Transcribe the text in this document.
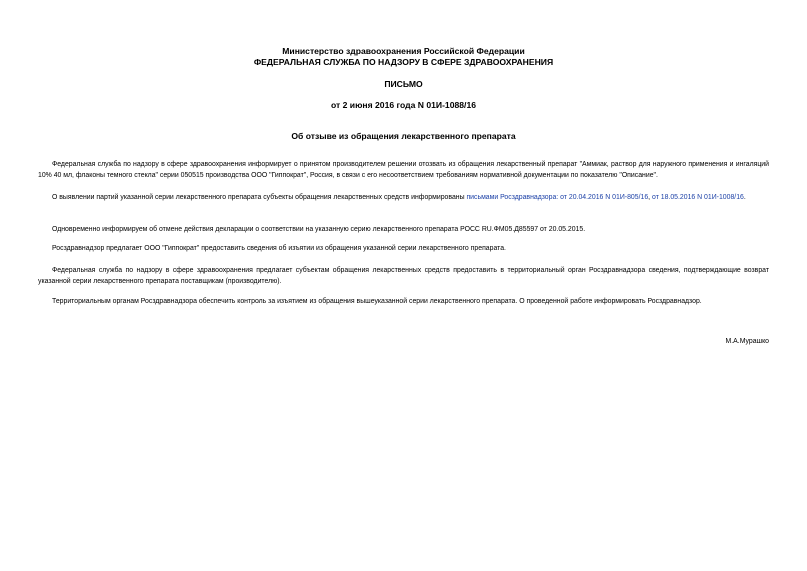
Министерство здравоохранения Российской Федерации
ФЕДЕРАЛЬНАЯ СЛУЖБА ПО НАДЗОРУ В СФЕРЕ ЗДРАВООХРАНЕНИЯ
ПИСЬМО
от 2 июня 2016 года N 01И-1088/16
Об отзыве из обращения лекарственного препарата
Федеральная служба по надзору в сфере здравоохранения информирует о принятом производителем решении отозвать из обращения лекарственный препарат "Аммиак, раствор для наружного применения и ингаляций 10% 40 мл, флаконы темного стекла" серии 050515 производства ООО "Гиппократ", Россия, в связи с его несоответствием требованиям нормативной документации по показателю "Описание".
О выявлении партий указанной серии лекарственного препарата субъекты обращения лекарственных средств информированы письмами Росздравнадзора: от 20.04.2016 N 01И-805/16, от 18.05.2016 N 01И-1008/16.
Одновременно информируем об отмене действия декларации о соответствии на указанную серию лекарственного препарата РОСС RU.ФМ05.Д85597 от 20.05.2015.
Росздравнадзор предлагает ООО "Гиппократ" предоставить сведения об изъятии из обращения указанной серии лекарственного препарата.
Федеральная служба по надзору в сфере здравоохранения предлагает субъектам обращения лекарственных средств предоставить в территориальный орган Росздравнадзора сведения, подтверждающие возврат указанной серии лекарственного препарата поставщикам (производителю).
Территориальным органам Росздравнадзора обеспечить контроль за изъятием из обращения вышеуказанной серии лекарственного препарата. О проведенной работе информировать Росздравнадзор.
М.А.Мурашко
